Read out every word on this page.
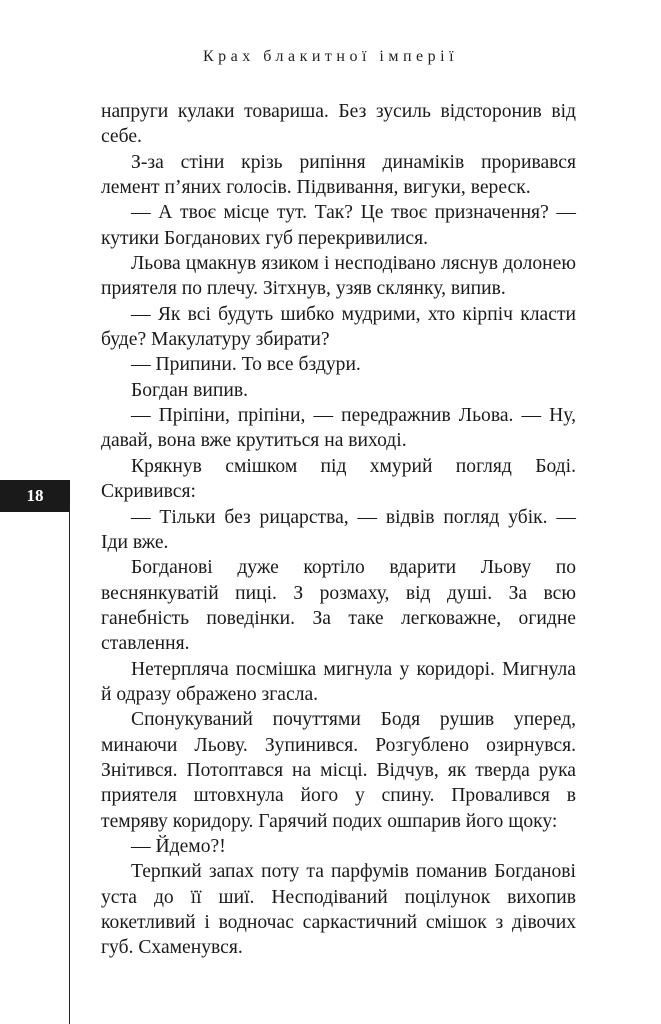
Крах блакитної імперії
18

напруги кулаки товариша. Без зусиль відсторонив від себе.

З-за стіни крізь рипіння динаміків проривався лемент п’яних голосів. Підвивання, вигуки, вереск.

— А твоє місце тут. Так? Це твоє призначення? — кутики Богданових губ перекривилися.

Льова цмакнув язиком і несподівано ляснув долонею приятеля по плечу. Зітхнув, узяв склянку, випив.

— Як всі будуть шибко мудрими, хто кірпіч класти буде? Макулатуру збирати?

— Припини. То все бздури.

Богдан випив.

— Пріпіни, пріпіни, — передражнив Льова. — Ну, давай, вона вже крутиться на виході.

Крякнув смішком під хмурий погляд Боді. Скривився:

— Тільки без рицарства, — відвів погляд убік. — Іди вже.

Богданові дуже кортіло вдарити Льову по веснянкуватій пиці. З розмаху, від душі. За всю ганебність поведінки. За таке легковажне, огидне ставлення.

Нетерпляча посмішка мигнула у коридорі. Мигнула й одразу ображено згасла.

Спонукуваний почуттями Бодя рушив уперед, минаючи Льову. Зупинився. Розгублено озирнувся. Знітився. Потоптався на місці. Відчув, як тверда рука приятеля штовхнула його у спину. Провалився в темряву коридору. Гарячий подих ошпарив його щоку:

— Йдемо?!

Терпкий запах поту та парфумів поманив Богданові уста до її шиї. Несподіваний поцілунок вихопив кокетливий і водночас саркастичний смішок з дівочих губ. Схаменувся.
